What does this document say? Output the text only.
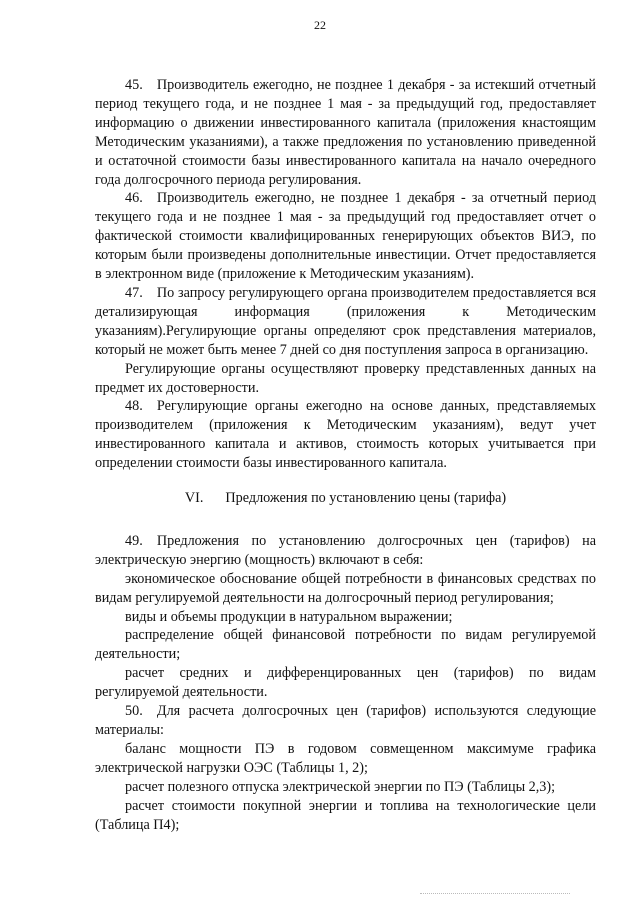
22

45. Производитель ежегодно, не позднее 1 декабря - за истекший отчетный период текущего года, и не позднее 1 мая - за предыдущий год, предоставляет информацию о движении инвестированного капитала (приложения кнастоящим Методическим указаниями), а также предложения по установлению приведенной и остаточной стоимости базы инвестированного капитала на начало очередного года долгосрочного периода регулирования.

46. Производитель ежегодно, не позднее 1 декабря - за отчетный период текущего года и не позднее 1 мая - за предыдущий год предоставляет отчет о фактической стоимости квалифицированных генерирующих объектов ВИЭ, по которым были произведены дополнительные инвестиции. Отчет предоставляется в электронном виде (приложение к Методическим указаниям).

47. По запросу регулирующего органа производителем предоставляется вся детализирующая информация (приложения к Методическим указаниям).Регулирующие органы определяют срок представления материалов, который не может быть менее 7 дней со дня поступления запроса в организацию.

Регулирующие органы осуществляют проверку представленных данных на предмет их достоверности.

48. Регулирующие органы ежегодно на основе данных, представляемых производителем (приложения к Методическим указаниям), ведут учет инвестированного капитала и активов, стоимость которых учитывается при определении стоимости базы инвестированного капитала.

VI. Предложения по установлению цены (тарифа)

49. Предложения по установлению долгосрочных цен (тарифов) на электрическую энергию (мощность) включают в себя:

экономическое обоснование общей потребности в финансовых средствах по видам регулируемой деятельности на долгосрочный период регулирования;

виды и объемы продукции в натуральном выражении;

распределение общей финансовой потребности по видам регулируемой деятельности;

расчет средних и дифференцированных цен (тарифов) по видам регулируемой деятельности.

50. Для расчета долгосрочных цен (тарифов) используются следующие материалы:

баланс мощности ПЭ в годовом совмещенном максимуме графика электрической нагрузки ОЭС (Таблицы 1, 2);

расчет полезного отпуска электрической энергии по ПЭ (Таблицы 2,3);

расчет стоимости покупной энергии и топлива на технологические цели (Таблица П4);
